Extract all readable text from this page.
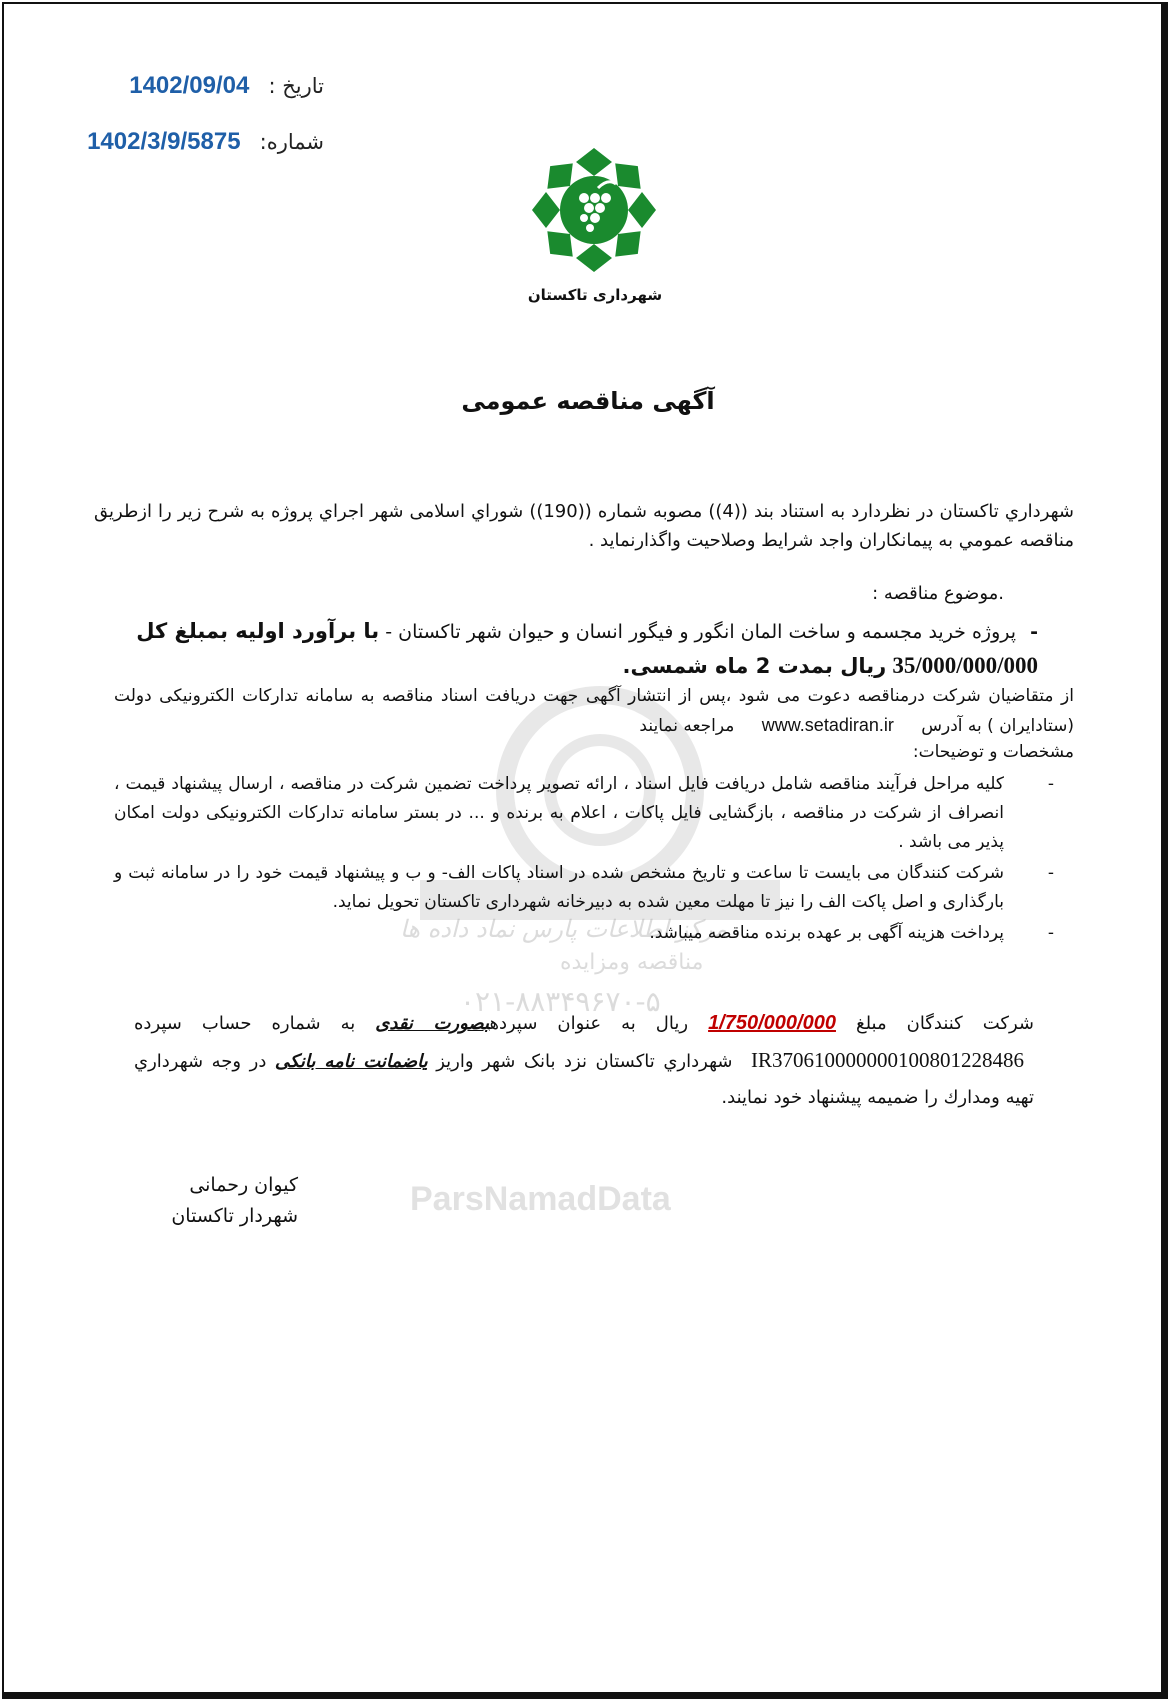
ParsNamadData
مرکز اطلاعات پارس نماد داده ها
مناقصه ومزایده
۰۲۱-۸۸۳۴۹۶۷۰-۵
تاریخ : 1402/09/04
شماره: 1402/3/9/5875
شهرداری تاکستان
آگهی مناقصه عمومی
شهرداري تاکستان در نظردارد به استناد بند ((4)) مصوبه شماره ((190)) شوراي اسلامی شهر اجراي پروژه به شرح زیر را ازطریق مناقصه عمومي به پیمانکاران واجد شرایط وصلاحیت واگذارنماید .
.موضوع مناقصه :
- پروژه خرید مجسمه و ساخت المان انگور و فیگور انسان و حیوان شهر تاکستان - با برآورد اولیه بمبلغ کل 35/000/000/000 ریال بمدت 2 ماه شمسی.
از متقاضیان شرکت درمناقصه دعوت می شود ،پس از انتشار آگهی جهت دریافت اسناد مناقصه به سامانه تدارکات الکترونیکی دولت (ستادایران ) به آدرس www.setadiran.ir مراجعه نمایند
مشخصات و توضیحات:
-
کلیه مراحل فرآیند مناقصه شامل دریافت فایل اسناد ، ارائه تصویر پرداخت تضمین شرکت در مناقصه ، ارسال پیشنهاد قیمت ، انصراف از شرکت در مناقصه ، بازگشایی فایل پاکات ، اعلام به برنده و ... در بستر سامانه تدارکات الکترونیکی دولت امکان پذیر می باشد .
-
شرکت کنندگان می بایست تا ساعت و تاریخ مشخص شده در اسناد پاکات الف- و ب و پیشنهاد قیمت خود را در سامانه ثبت و بارگذاری و اصل پاکت الف را نیز تا مهلت معین شده به دبیرخانه شهرداری تاکستان تحویل نماید.
-
پرداخت هزینه آگهی بر عهده برنده مناقصه میباشد.
شرکت کنندگان مبلغ 1/750/000/000 ریال به عنوان سپردهبصورت نقدی به شماره حساب سپرده IR370610000000100801228486 شهرداري تاکستان نزد بانک شهر واریز یاضمانت نامه بانکی در وجه شهرداري تهیه ومدارك را ضمیمه پیشنهاد خود نمایند.
کیوان رحمانی
شهردار تاکستان
